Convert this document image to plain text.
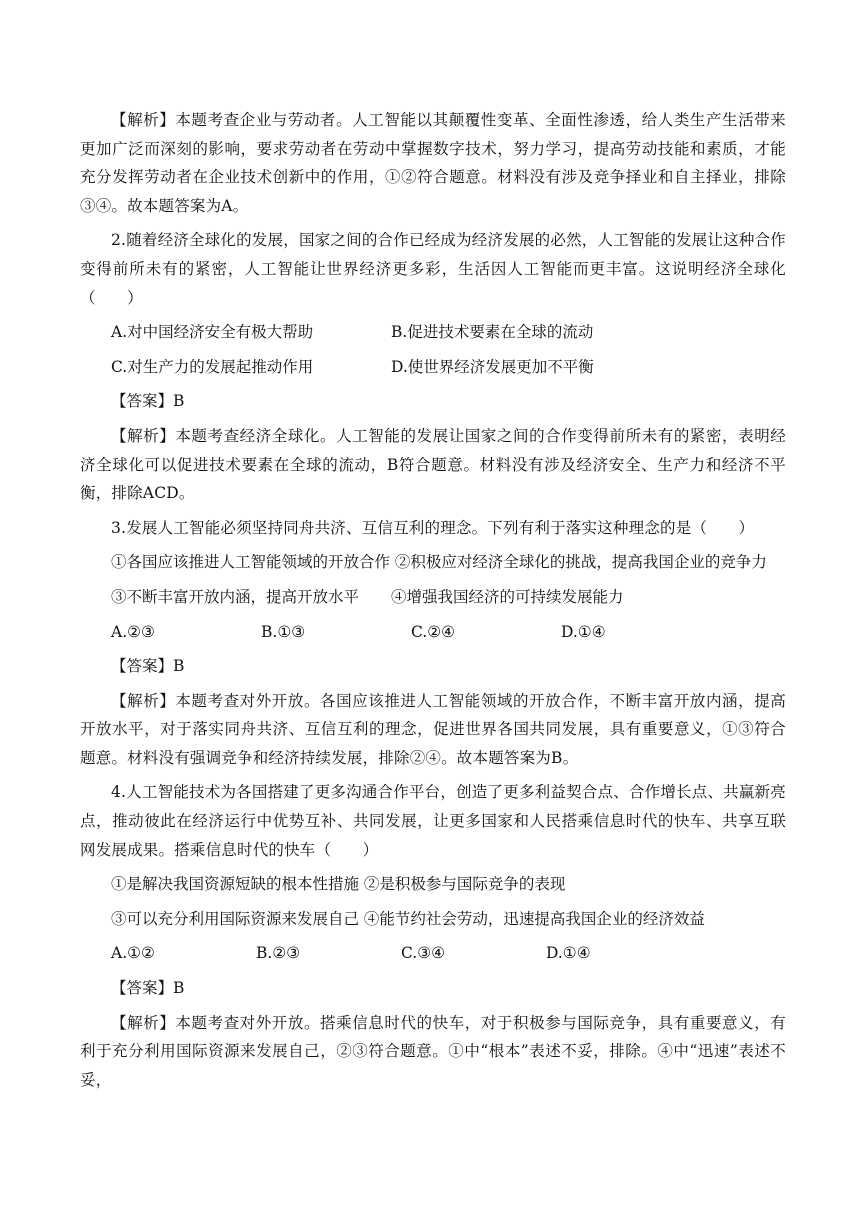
【解析】本题考查企业与劳动者。人工智能以其颠覆性变革、全面性渗透，给人类生产生活带来更加广泛而深刻的影响，要求劳动者在劳动中掌握数字技术，努力学习，提高劳动技能和素质，才能充分发挥劳动者在企业技术创新中的作用，①②符合题意。材料没有涉及竞争择业和自主择业，排除③④。故本题答案为A。

2.随着经济全球化的发展，国家之间的合作已经成为经济发展的必然，人工智能的发展让这种合作变得前所未有的紧密，人工智能让世界经济更多彩，生活因人工智能而更丰富。这说明经济全球化（　　）

A.对中国经济安全有极大帮助	B.促进技术要素在全球的流动
C.对生产力的发展起推动作用	D.使世界经济发展更加不平衡

【答案】B

【解析】本题考查经济全球化。人工智能的发展让国家之间的合作变得前所未有的紧密，表明经济全球化可以促进技术要素在全球的流动，B符合题意。材料没有涉及经济安全、生产力和经济不平衡，排除ACD。

3.发展人工智能必须坚持同舟共济、互信互利的理念。下列有利于落实这种理念的是（　　）

①各国应该推进人工智能领域的开放合作 ②积极应对经济全球化的挑战，提高我国企业的竞争力

③不断丰富开放内涵，提高开放水平	④增强我国经济的可持续发展能力
A.②③	B.①③	C.②④	D.①④

【答案】B

【解析】本题考查对外开放。各国应该推进人工智能领域的开放合作，不断丰富开放内涵，提高开放水平，对于落实同舟共济、互信互利的理念，促进世界各国共同发展，具有重要意义，①③符合题意。材料没有强调竞争和经济持续发展，排除②④。故本题答案为B。

4.人工智能技术为各国搭建了更多沟通合作平台，创造了更多利益契合点、合作增长点、共赢新亮点，推动彼此在经济运行中优势互补、共同发展，让更多国家和人民搭乘信息时代的快车、共享互联网发展成果。搭乘信息时代的快车（　　）

①是解决我国资源短缺的根本性措施 ②是积极参与国际竞争的表现

③可以充分利用国际资源来发展自己 ④能节约社会劳动，迅速提高我国企业的经济效益

A.①②	B.②③	C.③④	D.①④

【答案】B

【解析】本题考查对外开放。搭乘信息时代的快车，对于积极参与国际竞争，具有重要意义，有利于充分利用国际资源来发展自己，②③符合题意。①中“根本”表述不妥，排除。④中“迅速”表述不妥，
